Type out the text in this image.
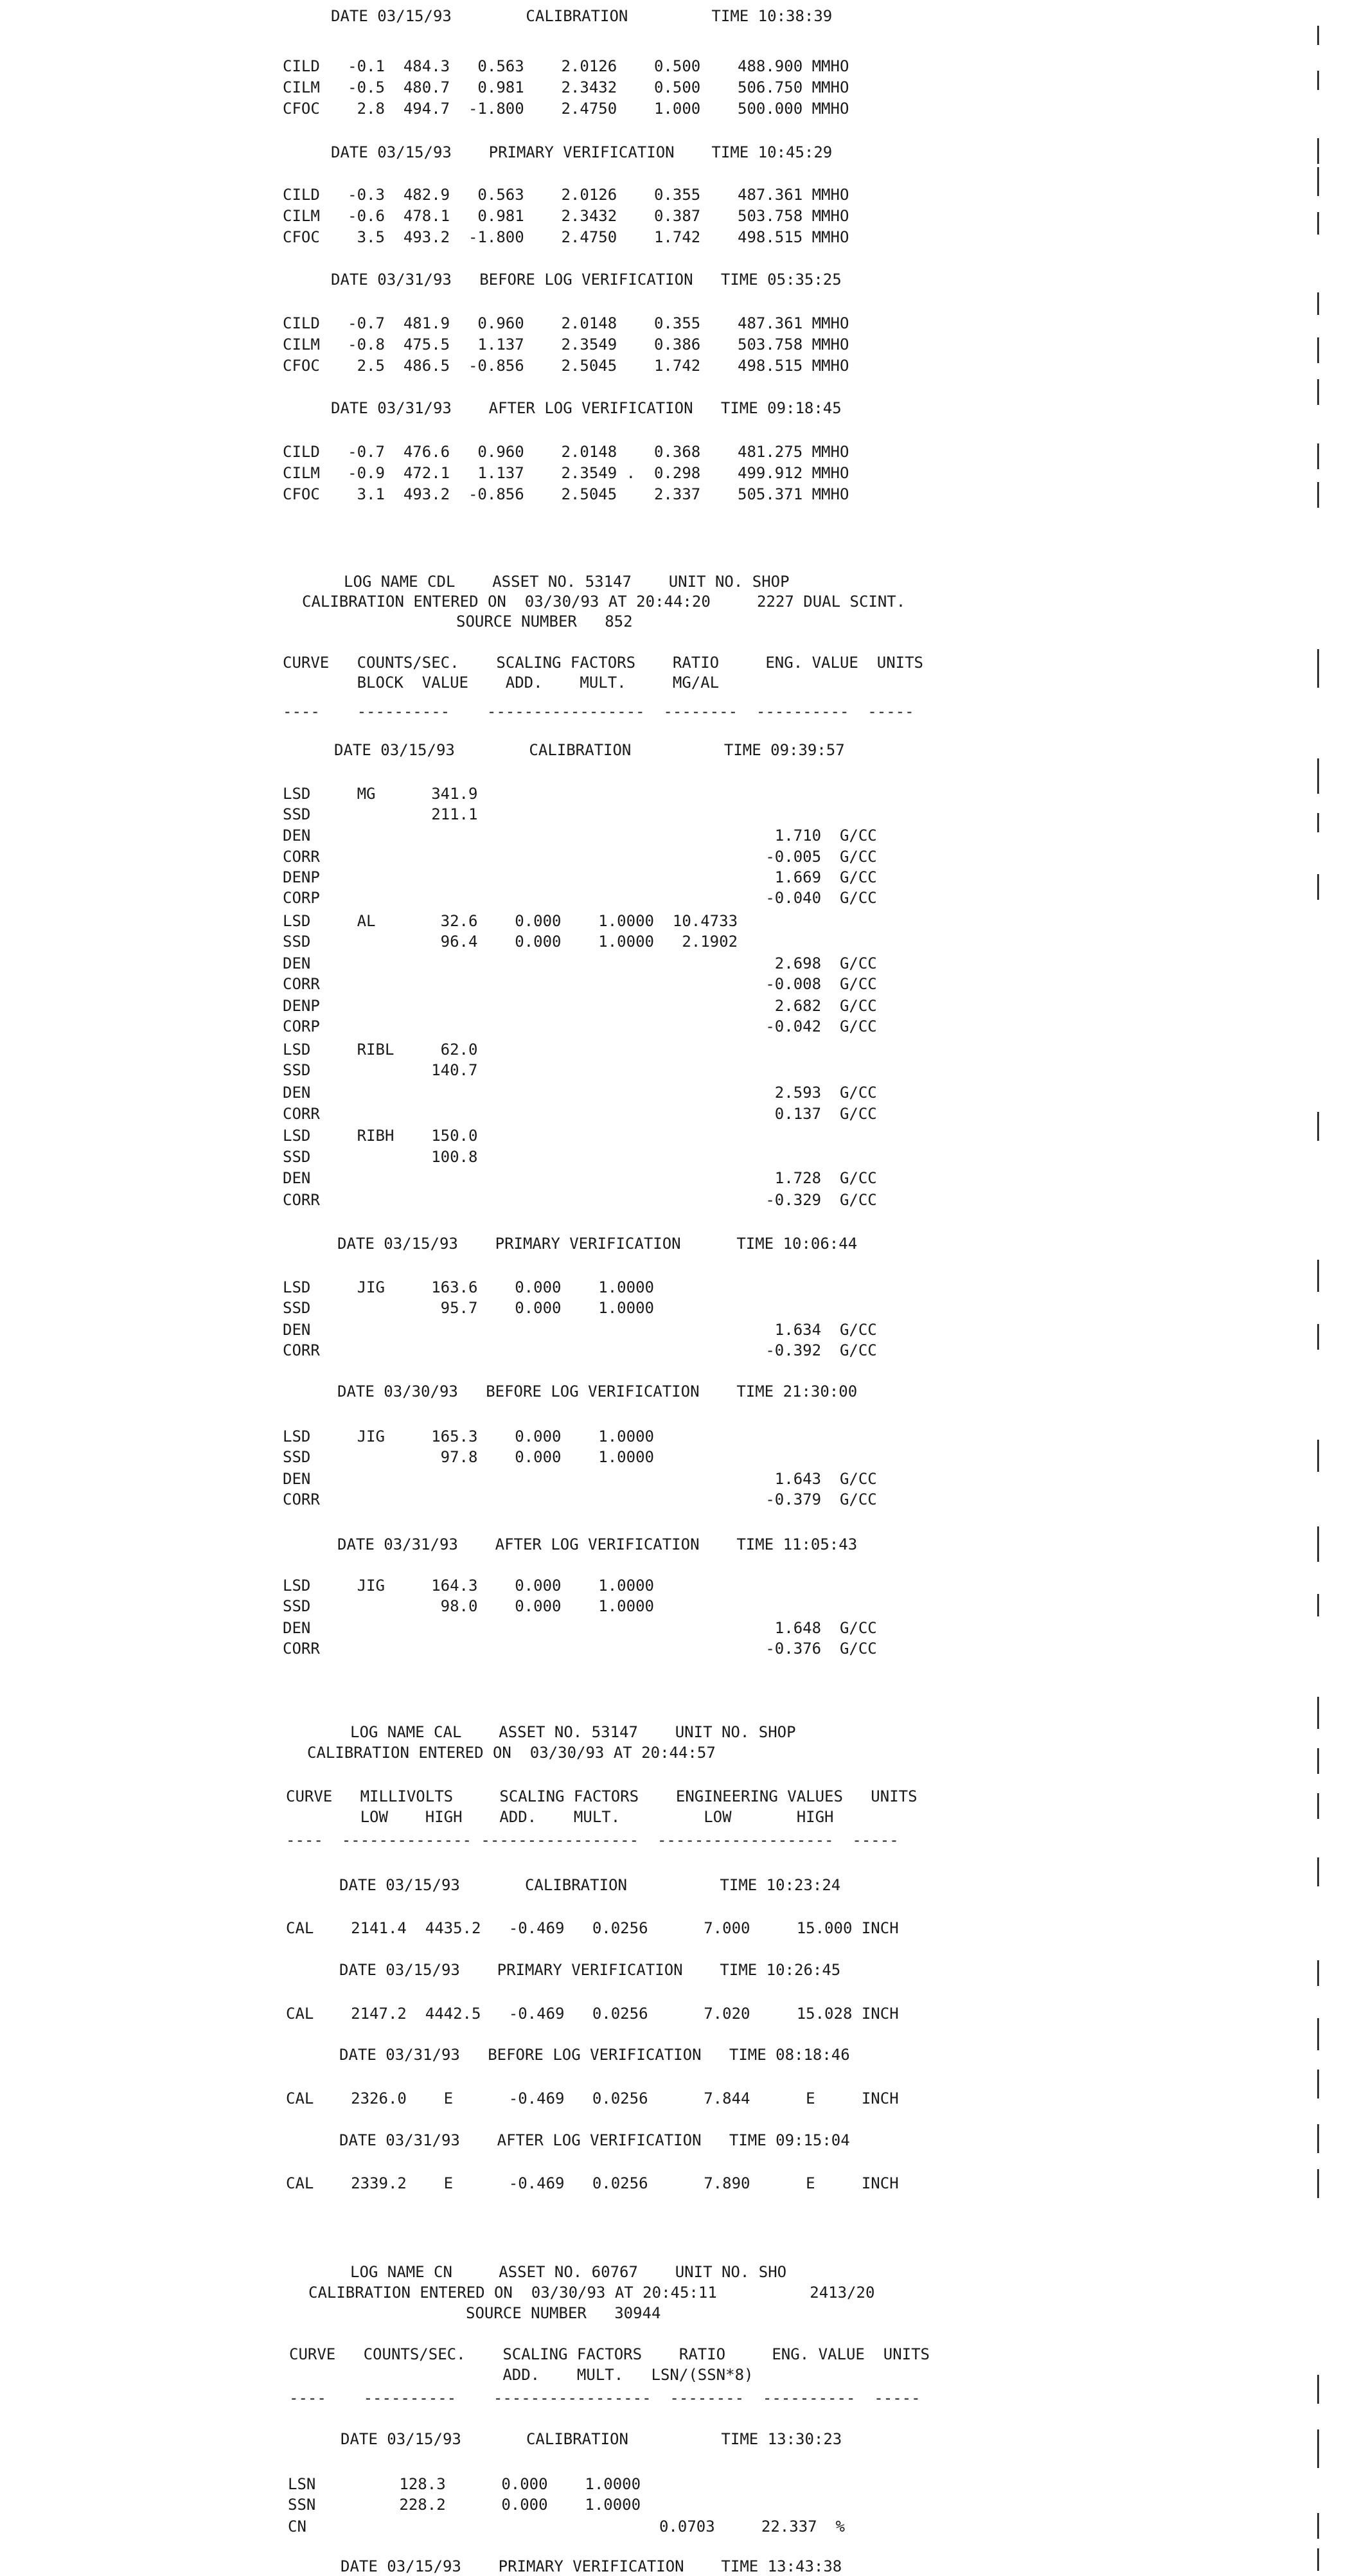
DATE 03/15/93        CALIBRATION         TIME 10:38:39
CILD   -0.1  484.3   0.563    2.0126    0.500    488.900 MMHO
CILM   -0.5  480.7   0.981    2.3432    0.500    506.750 MMHO
CFOC    2.8  494.7  -1.800    2.4750    1.000    500.000 MMHO
DATE 03/15/93    PRIMARY VERIFICATION    TIME 10:45:29
CILD   -0.3  482.9   0.563    2.0126    0.355    487.361 MMHO
CILM   -0.6  478.1   0.981    2.3432    0.387    503.758 MMHO
CFOC    3.5  493.2  -1.800    2.4750    1.742    498.515 MMHO
DATE 03/31/93   BEFORE LOG VERIFICATION   TIME 05:35:25
CILD   -0.7  481.9   0.960    2.0148    0.355    487.361 MMHO
CILM   -0.8  475.5   1.137    2.3549    0.386    503.758 MMHO
CFOC    2.5  486.5  -0.856    2.5045    1.742    498.515 MMHO
DATE 03/31/93    AFTER LOG VERIFICATION   TIME 09:18:45
CILD   -0.7  476.6   0.960    2.0148    0.368    481.275 MMHO
CILM   -0.9  472.1   1.137    2.3549 .  0.298    499.912 MMHO
CFOC    3.1  493.2  -0.856    2.5045    2.337    505.371 MMHO
LOG NAME CDL    ASSET NO. 53147    UNIT NO. SHOP
CALIBRATION ENTERED ON  03/30/93 AT 20:44:20     2227 DUAL SCINT.
SOURCE NUMBER   852
CURVE   COUNTS/SEC.    SCALING FACTORS    RATIO     ENG. VALUE  UNITS
BLOCK  VALUE    ADD.    MULT.     MG/AL
----    ----------    -----------------  --------  ----------  -----
DATE 03/15/93        CALIBRATION          TIME 09:39:57
LSD     MG      341.9
SSD             211.1
DEN                                                  1.710  G/CC
CORR                                                -0.005  G/CC
DENP                                                 1.669  G/CC
CORP                                                -0.040  G/CC
LSD     AL       32.6    0.000    1.0000  10.4733
SSD              96.4    0.000    1.0000   2.1902
DEN                                                  2.698  G/CC
CORR                                                -0.008  G/CC
DENP                                                 2.682  G/CC
CORP                                                -0.042  G/CC
LSD     RIBL     62.0
SSD             140.7
DEN                                                  2.593  G/CC
CORR                                                 0.137  G/CC
LSD     RIBH    150.0
SSD             100.8
DEN                                                  1.728  G/CC
CORR                                                -0.329  G/CC
DATE 03/15/93    PRIMARY VERIFICATION      TIME 10:06:44
LSD     JIG     163.6    0.000    1.0000
SSD              95.7    0.000    1.0000
DEN                                                  1.634  G/CC
CORR                                                -0.392  G/CC
DATE 03/30/93   BEFORE LOG VERIFICATION    TIME 21:30:00
LSD     JIG     165.3    0.000    1.0000
SSD              97.8    0.000    1.0000
DEN                                                  1.643  G/CC
CORR                                                -0.379  G/CC
DATE 03/31/93    AFTER LOG VERIFICATION    TIME 11:05:43
LSD     JIG     164.3    0.000    1.0000
SSD              98.0    0.000    1.0000
DEN                                                  1.648  G/CC
CORR                                                -0.376  G/CC
LOG NAME CAL    ASSET NO. 53147    UNIT NO. SHOP
CALIBRATION ENTERED ON  03/30/93 AT 20:44:57
CURVE   MILLIVOLTS     SCALING FACTORS    ENGINEERING VALUES   UNITS
LOW    HIGH    ADD.    MULT.         LOW       HIGH
----  -------------- -----------------  -------------------  -----
DATE 03/15/93       CALIBRATION          TIME 10:23:24
CAL    2141.4  4435.2   -0.469   0.0256      7.000     15.000 INCH
DATE 03/15/93    PRIMARY VERIFICATION    TIME 10:26:45
CAL    2147.2  4442.5   -0.469   0.0256      7.020     15.028 INCH
DATE 03/31/93   BEFORE LOG VERIFICATION   TIME 08:18:46
CAL    2326.0    E      -0.469   0.0256      7.844      E     INCH
DATE 03/31/93    AFTER LOG VERIFICATION   TIME 09:15:04
CAL    2339.2    E      -0.469   0.0256      7.890      E     INCH
LOG NAME CN     ASSET NO. 60767    UNIT NO. SHO
CALIBRATION ENTERED ON  03/30/93 AT 20:45:11          2413/20
SOURCE NUMBER   30944
CURVE   COUNTS/SEC.    SCALING FACTORS    RATIO     ENG. VALUE  UNITS
ADD.    MULT.   LSN/(SSN*8)
----    ----------    -----------------  --------  ----------  -----
DATE 03/15/93       CALIBRATION          TIME 13:30:23
LSN         128.3      0.000    1.0000
SSN         228.2      0.000    1.0000
CN                                      0.0703     22.337  %
DATE 03/15/93    PRIMARY VERIFICATION    TIME 13:43:38
